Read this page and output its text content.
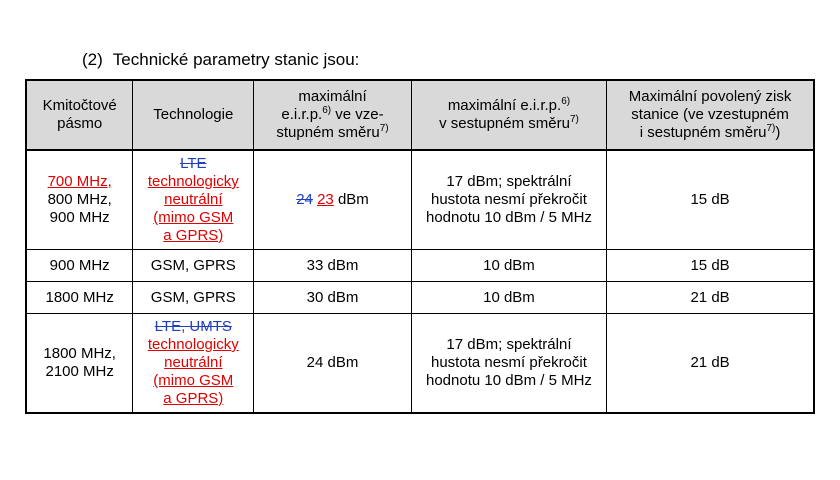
(2) Technické parametry stanic jsou:
Kmitočtové
pásmo	Technologie	maximální
e.i.r.p.$^{6)}$ ve vze-
stupném směru$^{7)}$	maximální e.i.r.p.$^{6)}$
v sestupném směru$^{7)}$	Maximální povolený zisk
stanice (ve vzestupném
i sestupném směru$^{7)}$)

700 MHz,
800 MHz,
900 MHz	LTE
technologicky
neutrální
(mimo GSM
a GPRS)	24 23 dBm	17 dBm; spektrální
hustota nesmí překročit
hodnotu 10 dBm / 5 MHz	15 dB
900 MHz	GSM, GPRS	33 dBm	10 dBm	15 dB
1800 MHz	GSM, GPRS	30 dBm	10 dBm	21 dB

1800 MHz,
2100 MHz	LTE, UMTS
technologicky
neutrální
(mimo GSM
a GPRS)	24 dBm	17 dBm; spektrální
hustota nesmí překročit
hodnotu 10 dBm / 5 MHz	21 dB
